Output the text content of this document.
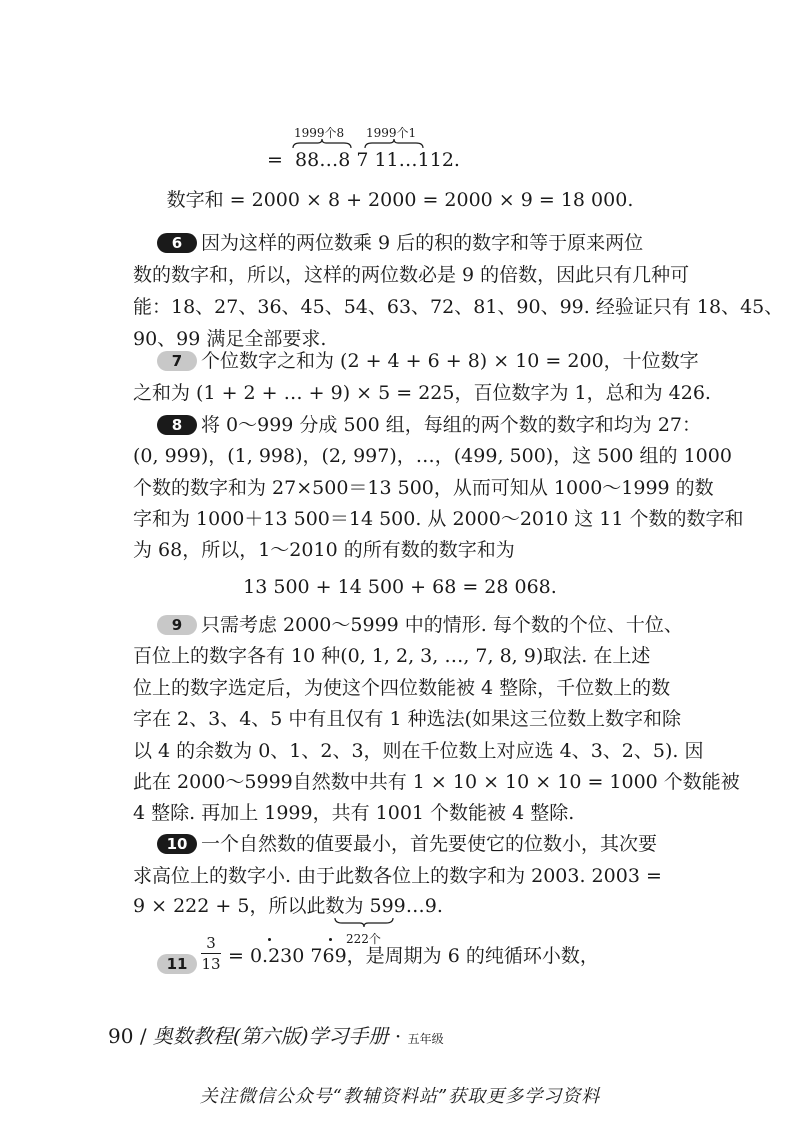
1999个8 1999个1
= 88…8 7 11…112.
数字和 = 2000 × 8 + 2000 = 2000 × 9 = 18 000.
6 因为这样的两位数乘 9 后的积的数字和等于原来两位
数的数字和，所以，这样的两位数必是 9 的倍数，因此只有几种可
能：18、27、36、45、54、63、72、81、90、99. 经验证只有 18、45、
90、99 满足全部要求.
7 个位数字之和为 (2 + 4 + 6 + 8) × 10 = 200，十位数字
之和为 (1 + 2 + … + 9) × 5 = 225，百位数字为 1，总和为 426.
8 将 0～999 分成 500 组，每组的两个数的数字和均为 27：
(0, 999)，(1, 998)，(2, 997)，…，(499, 500)，这 500 组的 1000
个数的数字和为 27×500＝13 500，从而可知从 1000～1999 的数
字和为 1000＋13 500＝14 500. 从 2000～2010 这 11 个数的数字和
为 68，所以，1～2010 的所有数的数字和为
13 500 + 14 500 + 68 = 28 068.
9 只需考虑 2000～5999 中的情形. 每个数的个位、十位、
百位上的数字各有 10 种(0, 1, 2, 3, …, 7, 8, 9)取法. 在上述
位上的数字选定后，为使这个四位数能被 4 整除，千位数上的数
字在 2、3、4、5 中有且仅有 1 种选法(如果这三位数上数字和除
以 4 的余数为 0、1、2、3，则在千位数上对应选 4、3、2、5). 因
此在 2000～5999自然数中共有 1 × 10 × 10 × 10 = 1000 个数能被
4 整除. 再加上 1999，共有 1001 个数能被 4 整除.
10 一个自然数的值要最小，首先要使它的位数小，其次要
求高位上的数字小. 由于此数各位上的数字和为 2003. 2003 =
9 × 222 + 5，所以此数为 599…9.
222个
11
3
13 = 0.230 769，是周期为 6 的纯循环小数，
90 / 奥数教程(第六版)学习手册 · 五年级
关注微信公众号“教辅资料站”获取更多学习资料
